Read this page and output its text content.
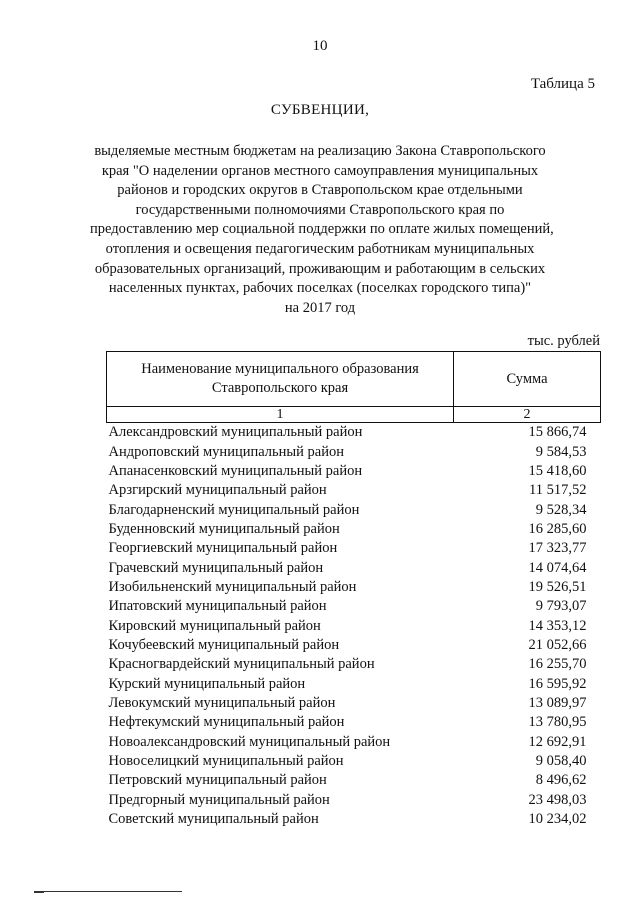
10
Таблица 5
СУБВЕНЦИИ,
выделяемые местным бюджетам на реализацию Закона Ставропольского
края "О наделении органов местного самоуправления муниципальных
районов и городских округов в Ставропольском крае отдельными
государственными полномочиями Ставропольского края по
предоставлению мер социальной поддержки по оплате жилых помещений,
отопления и освещения педагогическим работникам муниципальных
образовательных организаций, проживающим и работающим в сельских
населенных пунктах, рабочих поселках (поселках городского типа)"
на 2017 год
тыс. рублей
Наименование муниципального образования Ставропольского края	Сумма
1	2
Александровский муниципальный район	15 866,74
Андроповский муниципальный район	9 584,53
Апанасенковский муниципальный район	15 418,60
Арзгирский муниципальный район	11 517,52
Благодарненский муниципальный район	9 528,34
Буденновский муниципальный район	16 285,60
Георгиевский муниципальный район	17 323,77
Грачевский муниципальный район	14 074,64
Изобильненский муниципальный район	19 526,51
Ипатовский муниципальный район	9 793,07
Кировский муниципальный район	14 353,12
Кочубеевский муниципальный район	21 052,66
Красногвардейский муниципальный район	16 255,70
Курский муниципальный район	16 595,92
Левокумский муниципальный район	13 089,97
Нефтекумский муниципальный район	13 780,95
Новоалександровский муниципальный район	12 692,91
Новоселицкий муниципальный район	9 058,40
Петровский муниципальный район	8 496,62
Предгорный муниципальный район	23 498,03
Советский муниципальный район	10 234,02
